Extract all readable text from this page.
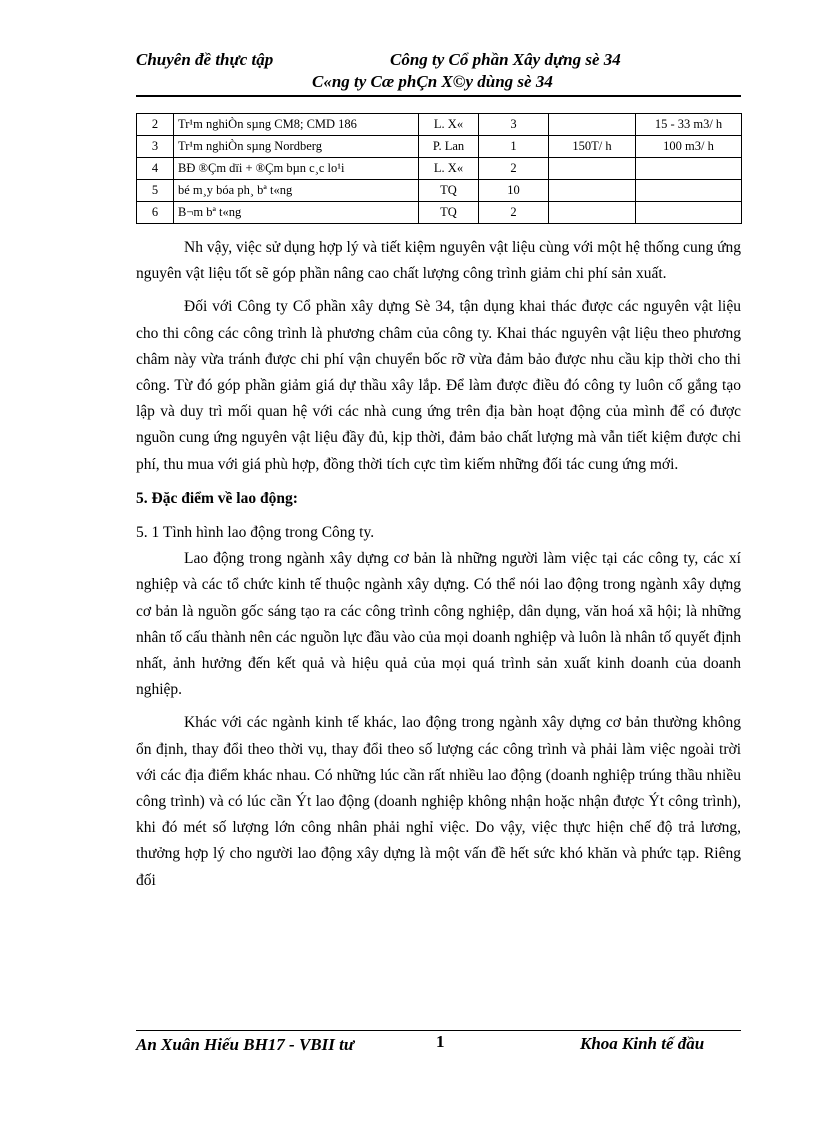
Chuyên đề thực tập	Công ty Cổ phần Xây dựng sè 34
C«ng ty Cæ phÇn X©y dùng sè 34
2	Tr¹m nghiÒn sµng CM8; CMD 186	L. X«	3		15 - 33 m3/ h
3	Tr¹m nghiÒn sµng Nordberg	P. Lan	1	150T/ h	100 m3/ h
4	BÐ ®Çm dïi + ®Çm bµn c¸c lo¹i	L. X«	2		
5	bé m¸y bóa ph¸ bª t«ng	TQ	10		
6	B¬m bª t«ng	TQ	2		

Nh vậy, việc sử dụng hợp lý và tiết kiệm nguyên vật liệu cùng với một hệ thống cung ứng nguyên vật liệu tốt sẽ góp phần nâng cao chất lượng công trình giảm chi phí sản xuất.

Đối với Công ty Cổ phần xây dựng Sè 34, tận dụng khai thác được các nguyên vật liệu cho thi công các công trình là phương châm của công ty. Khai thác nguyên vật liệu theo phương châm này vừa tránh được chi phí vận chuyển bốc rỡ vừa đảm bảo được nhu cầu kịp thời cho thi công. Từ đó góp phần giảm giá dự thầu xây lắp. Để làm được điều đó công ty luôn cố gắng tạo lập và duy trì mối quan hệ với các nhà cung ứng trên địa bàn hoạt động của mình để có được nguồn cung ứng nguyên vật liệu đầy đủ, kịp thời, đảm bảo chất lượng mà vẫn tiết kiệm được chi phí, thu mua với giá phù hợp, đồng thời tích cực tìm kiếm những đối tác cung ứng mới.

5. Đặc điểm về lao động:

5. 1 Tình hình lao động trong Công ty.

Lao động trong ngành xây dựng cơ bản là những người làm việc tại các công ty, các xí nghiệp và các tổ chức kinh tế thuộc ngành xây dựng. Có thể nói lao động trong ngành xây dựng cơ bản là nguồn gốc sáng tạo ra các công trình công nghiệp, dân dụng, văn hoá xã hội; là những nhân tố cấu thành nên các nguồn lực đầu vào của mọi doanh nghiệp và luôn là nhân tố quyết định nhất, ảnh hưởng đến kết quả và hiệu quả của mọi quá trình sản xuất kinh doanh của doanh nghiệp.

Khác với các ngành kinh tế khác, lao động trong ngành xây dựng cơ bản thường không ổn định, thay đổi theo thời vụ, thay đổi theo số lượng các công trình và phải làm việc ngoài trời với các địa điểm khác nhau. Có những lúc cần rất nhiều lao động (doanh nghiệp trúng thầu nhiều công trình) và có lúc cần Ýt lao động (doanh nghiệp không nhận hoặc nhận được Ýt công trình), khi đó mét số lượng lớn công nhân phải nghỉ việc. Do vậy, việc thực hiện chế độ trả lương, thưởng hợp lý cho người lao động xây dựng là một vấn đề hết sức khó khăn và phức tạp. Riêng đối

An Xuân Hiếu BH17 - VBII tư	1	Khoa Kinh tế đầu
